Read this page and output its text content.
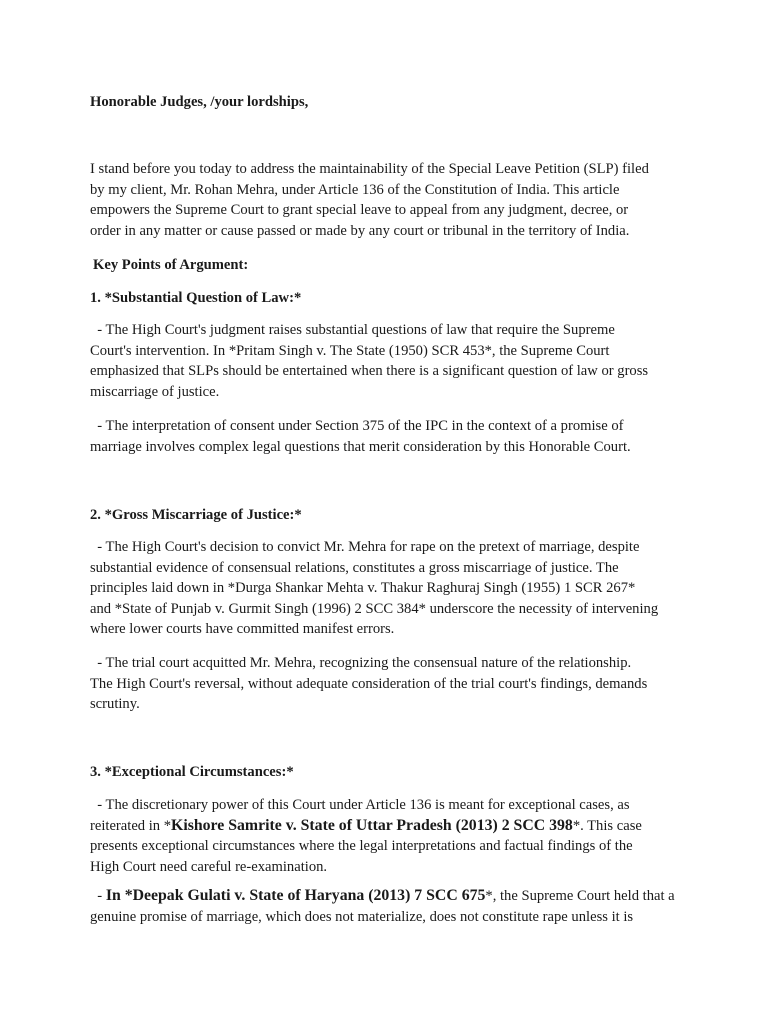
Honorable Judges, /your lordships,

I stand before you today to address the maintainability of the Special Leave Petition (SLP) filed
by my client, Mr. Rohan Mehra, under Article 136 of the Constitution of India. This article
empowers the Supreme Court to grant special leave to appeal from any judgment, decree, or
order in any matter or cause passed or made by any court or tribunal in the territory of India.

Key Points of Argument:

1. *Substantial Question of Law:*

- The High Court's judgment raises substantial questions of law that require the Supreme
Court's intervention. In *Pritam Singh v. The State (1950) SCR 453*, the Supreme Court
emphasized that SLPs should be entertained when there is a significant question of law or gross
miscarriage of justice.

- The interpretation of consent under Section 375 of the IPC in the context of a promise of
marriage involves complex legal questions that merit consideration by this Honorable Court.

2. *Gross Miscarriage of Justice:*

- The High Court's decision to convict Mr. Mehra for rape on the pretext of marriage, despite
substantial evidence of consensual relations, constitutes a gross miscarriage of justice. The
principles laid down in *Durga Shankar Mehta v. Thakur Raghuraj Singh (1955) 1 SCR 267*
and *State of Punjab v. Gurmit Singh (1996) 2 SCC 384* underscore the necessity of intervening
where lower courts have committed manifest errors.

- The trial court acquitted Mr. Mehra, recognizing the consensual nature of the relationship.
The High Court's reversal, without adequate consideration of the trial court's findings, demands
scrutiny.

3. *Exceptional Circumstances:*

- The discretionary power of this Court under Article 136 is meant for exceptional cases, as
reiterated in *Kishore Samrite v. State of Uttar Pradesh (2013) 2 SCC 398*. This case
presents exceptional circumstances where the legal interpretations and factual findings of the
High Court need careful re-examination.

- In *Deepak Gulati v. State of Haryana (2013) 7 SCC 675*, the Supreme Court held that a
genuine promise of marriage, which does not materialize, does not constitute rape unless it is
